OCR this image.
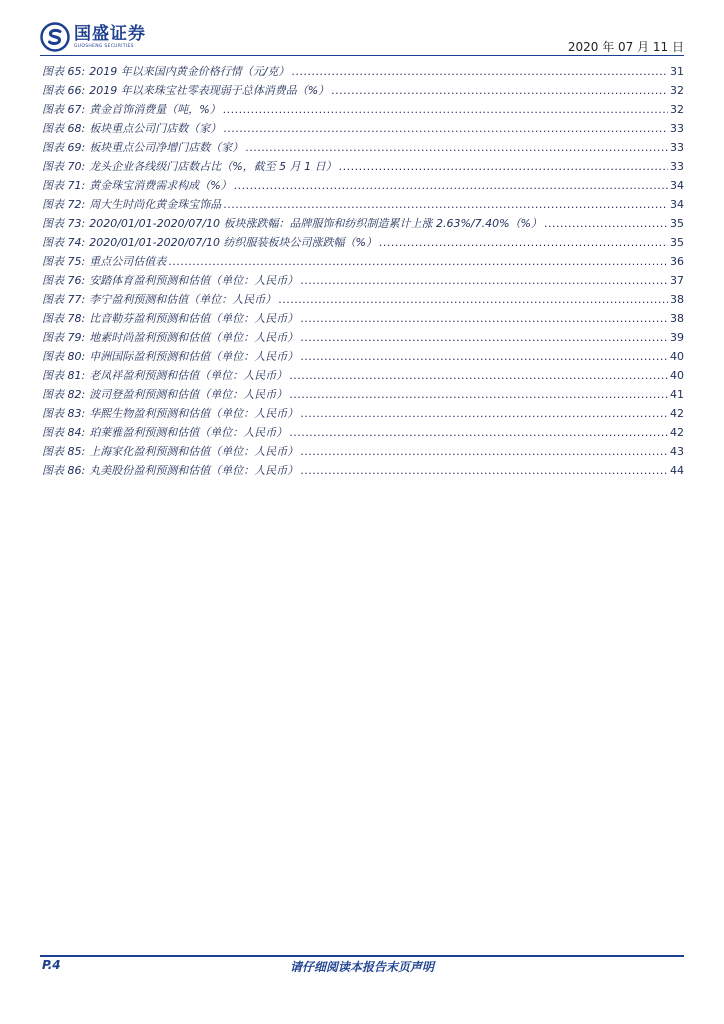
国盛证券
GUOSHENG SECURITIES	2020 年 07 月 11 日
图表 65: 2019 年以来国内黄金价格行情（元/克） .....	31
图表 66: 2019 年以来珠宝社零表现弱于总体消费品（%） .....	32
图表 67: 黄金首饰消费量（吨，%） .....	32
图表 68: 板块重点公司门店数（家） .....	33
图表 69: 板块重点公司净增门店数（家） .....	33
图表 70: 龙头企业各线级门店数占比（%，截至 5 月 1 日） .....	33
图表 71: 黄金珠宝消费需求构成（%） .....	34
图表 72: 周大生时尚化黄金珠宝饰品 .....	34
图表 73: 2020/01/01-2020/07/10 板块涨跌幅：品牌服饰和纺织制造累计上涨 2.63%/7.40%（%） .....	35
图表 74: 2020/01/01-2020/07/10 纺织服装板块公司涨跌幅（%） .....	35
图表 75: 重点公司估值表 .....	36
图表 76: 安踏体育盈利预测和估值（单位：人民币） .....	37
图表 77: 李宁盈利预测和估值（单位：人民币） .....	38
图表 78: 比音勒芬盈利预测和估值（单位：人民币） .....	38
图表 79: 地素时尚盈利预测和估值（单位：人民币） .....	39
图表 80: 申洲国际盈利预测和估值（单位：人民币） .....	40
图表 81: 老凤祥盈利预测和估值（单位：人民币） .....	40
图表 82: 波司登盈利预测和估值（单位：人民币） .....	41
图表 83: 华熙生物盈利预测和估值（单位：人民币） .....	42
图表 84: 珀莱雅盈利预测和估值（单位：人民币） .....	42
图表 85: 上海家化盈利预测和估值（单位：人民币） .....	43
图表 86: 丸美股份盈利预测和估值（单位：人民币） .....	44
P.4	请仔细阅读本报告末页声明
